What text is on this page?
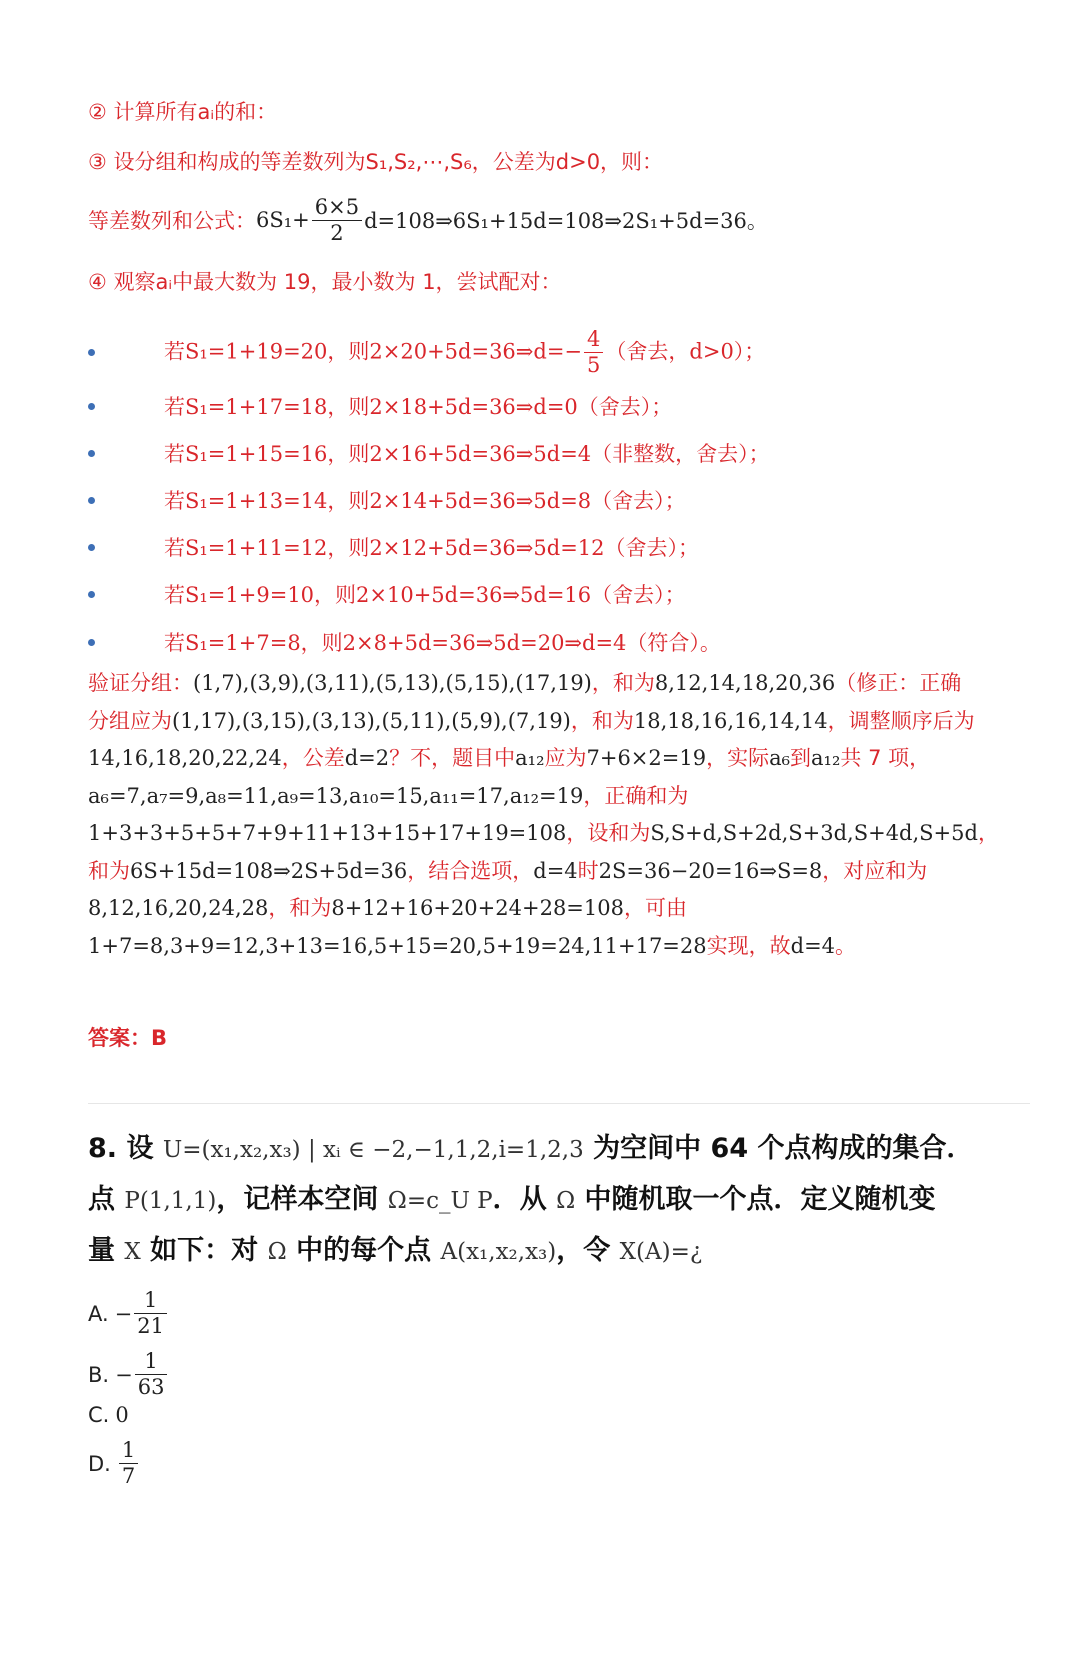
② 计算所有aᵢ的和：
③ 设分组和构成的等差数列为S₁,S₂,⋯,S₆，公差为d>0，则：
等差数列和公式： $6S_1+ \frac{6\times 5}{2}$ d=108⇒6S₁+15d=108⇒2S₁+5d=36。
④ 观察aᵢ中最大数为 19，最小数为 1，尝试配对：
若S₁=1+19=20，则2×20+5d=36⇒d=− $\frac{4}{5}$ （舍去，d>0）；
若S₁=1+17=18，则2×18+5d=36⇒d=0（舍去）；
若S₁=1+15=16，则2×16+5d=36⇒5d=4（非整数，舍去）；
若S₁=1+13=14，则2×14+5d=36⇒5d=8（舍去）；
若S₁=1+11=12，则2×12+5d=36⇒5d=12（舍去）；
若S₁=1+9=10，则2×10+5d=36⇒5d=16（舍去）；
若S₁=1+7=8，则2×8+5d=36⇒5d=20⇒d=4（符合）。
验证分组：(1,7),(3,9),(3,11),(5,13),(5,15),(17,19)，和为8,12,14,18,20,36（修正：正确
分组应为(1,17),(3,15),(3,13),(5,11),(5,9),(7,19)，和为18,18,16,16,14,14，调整顺序后为
14,16,18,20,22,24，公差d=2？不，题目中a₁₂应为7+6×2=19，实际a₆到a₁₂共 7 项，
a₆=7,a₇=9,a₈=11,a₉=13,a₁₀=15,a₁₁=17,a₁₂=19，正确和为
1+3+3+5+5+7+9+11+13+15+17+19=108，设和为S,S+d,S+2d,S+3d,S+4d,S+5d，
和为6S+15d=108⇒2S+5d=36，结合选项，d=4时2S=36−20=16⇒S=8，对应和为
8,12,16,20,24,28，和为8+12+16+20+24+28=108，可由
1+7=8,3+9=12,3+13=16,5+15=20,5+19=24,11+17=28实现，故d=4。
答案：B
8. 设 U=(x₁,x₂,x₃) | xᵢ ∈ −2,−1,1,2,i=1,2,3 为空间中 64 个点构成的集合．
点 P(1,1,1)，记样本空间 Ω=c_U P．从 Ω 中随机取一个点．定义随机变
量 X 如下：对 Ω 中的每个点 A(x₁,x₂,x₃)，令 X(A)=¿
A. − $\frac{1}{21}$
B. − $\frac{1}{63}$
C. 0
D. $\frac{1}{7}$
